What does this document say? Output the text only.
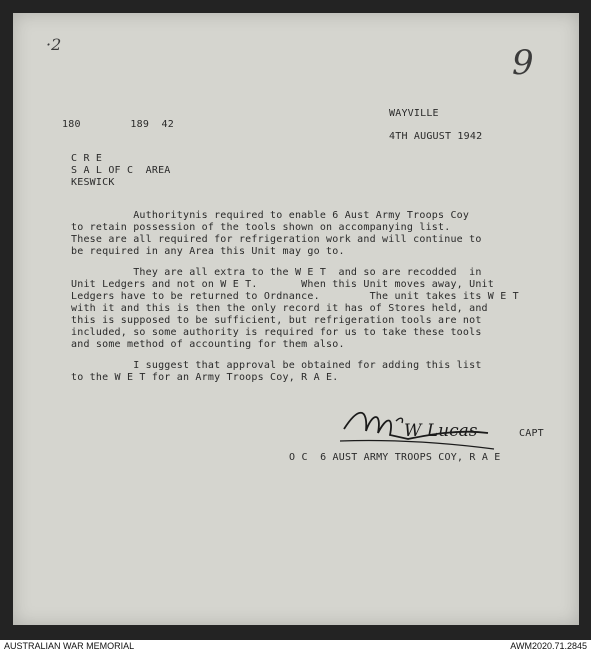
·2	9
180        189  42
WAYVILLE
4TH AUGUST 1942
C R E
S A L OF C  AREA
KESWICK
Authoritynis required to enable 6 Aust Army Troops Coy
to retain possession of the tools shown on accompanying list.
These are all required for refrigeration work and will continue to
be required in any Area this Unit may go to.
They are all extra to the W E T  and so are recodded  in
Unit Ledgers and not on W E T.       When this Unit moves away, Unit
Ledgers have to be returned to Ordnance.        The unit takes its W E T
with it and this is then the only record it has of Stores held, and
this is supposed to be sufficient, but refrigeration tools are not
included, so some authority is required for us to take these tools
and some method of accounting for them also.
I suggest that approval be obtained for adding this list
to the W E T for an Army Troops Coy, R A E.
W Lucas	CAPT
O C  6 AUST ARMY TROOPS COY, R A E
AUSTRALIAN WAR MEMORIAL	AWM2020.71.2845
